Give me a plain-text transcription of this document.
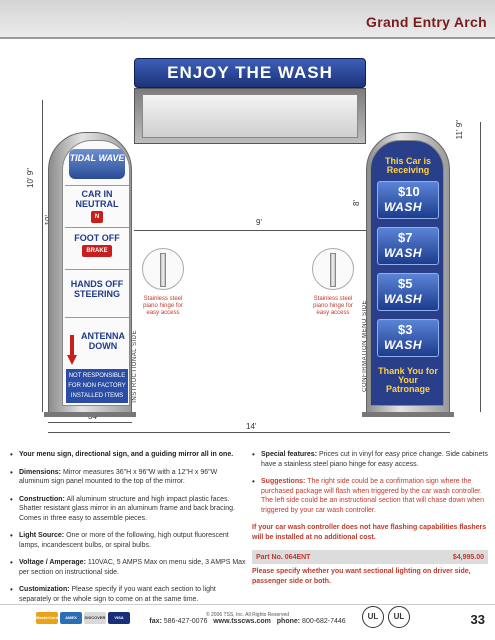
Grand Entry Arch
11' 9"
10' 9"
8'
9'
14'
ENJOY THE WASH
TIDAL WAVE
CAR IN NEUTRAL
N
FOOT OFF
BRAKE
HANDS OFF STEERING
ANTENNA DOWN
NOT RESPONSIBLE FOR NON FACTORY INSTALLED ITEMS	INSTRUCTIONAL SIDE
This Car is Receiving
$10
WASH
$7
WASH
$5
WASH
$3
WASH
Thank You for Your Patronage
CONFIRMATION MENU SIDE
Stainless steel piano hinge for easy access
Stainless steel piano hinge for easy access
• Your menu sign, directional sign, and a guiding mirror all in one.
• Dimensions: Mirror measures 36"H x 96"W with a 12"H x 96"W aluminum sign panel mounted to the top of the mirror.
• Construction: All aluminum structure and high impact plastic faces. Shatter resistant glass mirror in an aluminum frame and back bracing. Comes in three easy to assemble pieces.
• Light Source: One or more of the following, high output fluorescent lamps, incandescent bulbs, or spiral bulbs.
• Voltage / Amperage: 110VAC, 5 AMPS Max on menu side, 3 AMPS Max per section on instructional side.
• Customization: Please specify if you want each section to light separately or the whole sign to come on at the same time.
• Special features: Prices cut in vinyl for easy price change. Side cabinets have a stainless steel piano hinge for easy access.
• Suggestions: The right side could be a confirmation sign where the purchased package will flash when triggered by the car wash controller. The left side could be an instructional section that will chase down when triggered by your car wash controller.
If your car wash controller does not have flashing capabilities flashers will be installed at no additional cost.
Part No. 064ENT	$4,995.00
Please specify whether you want sectional lighting on driver side, passenger side or both.
MasterCard	AMEX	DISCOVER	VISA	© 2006 TSS, Inc. All Rights Reserved
fax: 586-427-0076 www.tsscws.com phone: 800-682-7446
UL	UL	33
